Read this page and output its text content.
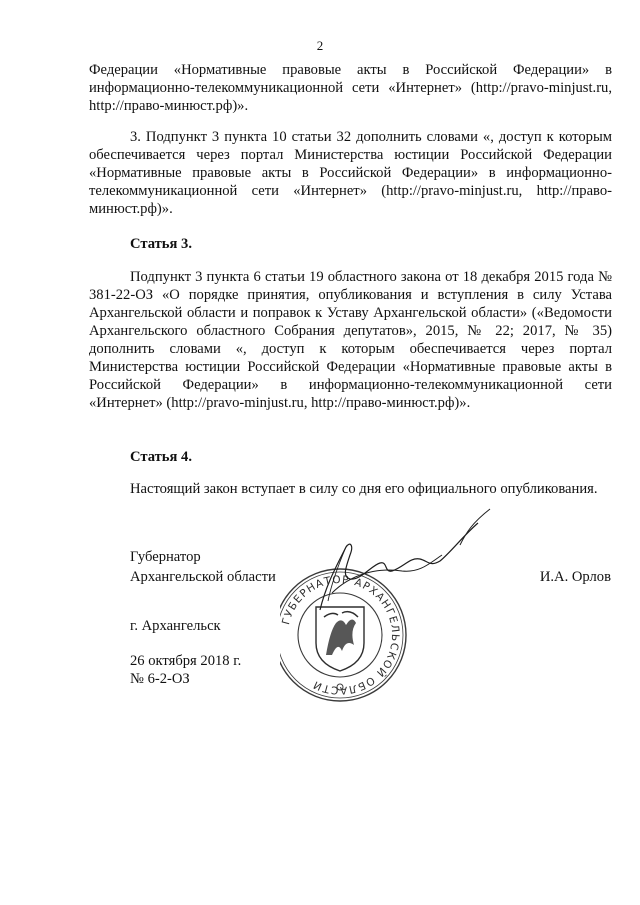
2
Федерации «Нормативные правовые акты в Российской Федерации» в информационно-телекоммуникационной сети «Интернет» (http://pravo-minjust.ru, http://право-минюст.рф)».
3. Подпункт 3 пункта 10 статьи 32 дополнить словами «, доступ к которым обеспечивается через портал Министерства юстиции Российской Федерации «Нормативные правовые акты в Российской Федерации» в информационно-телекоммуникационной сети «Интернет» (http://pravo-minjust.ru, http://право-минюст.рф)».
Статья 3.
Подпункт 3 пункта 6 статьи 19 областного закона от 18 декабря 2015 года № 381-22-ОЗ «О порядке принятия, опубликования и вступления в силу Устава Архангельской области и поправок к Уставу Архангельской области» («Ведомости Архангельского областного Собрания депутатов», 2015, № 22; 2017, № 35) дополнить словами «, доступ к которым обеспечивается через портал Министерства юстиции Российской Федерации «Нормативные правовые акты в Российской Федерации» в информационно-телекоммуникационной сети «Интернет» (http://pravo-minjust.ru, http://право-минюст.рф)».
Статья 4.
Настоящий закон вступает в силу со дня его официального опубликования.
ГУБЕРНАТОР АРХАНГЕЛЬСКОЙ ОБЛАСТИ
Губернатор
Архангельской области	И.А. Орлов
г. Архангельск
26 октября 2018 г.
№ 6-2-ОЗ
